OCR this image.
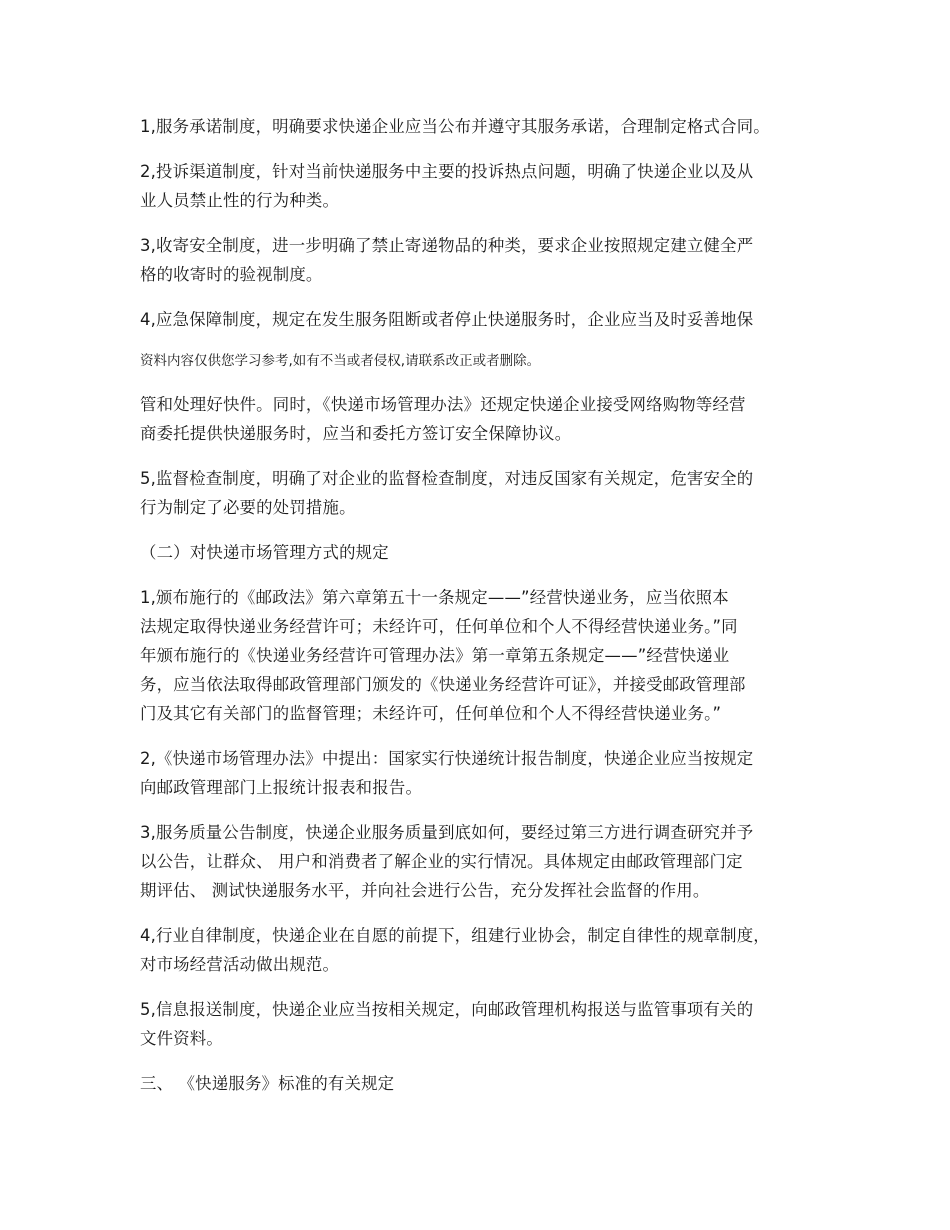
1,服务承诺制度，明确要求快递企业应当公布并遵守其服务承诺，合理制定格式合同。
2,投诉渠道制度，针对当前快递服务中主要的投诉热点问题，明确了快递企业以及从
业人员禁止性的行为种类。
3,收寄安全制度，进一步明确了禁止寄递物品的种类，要求企业按照规定建立健全严
格的收寄时的验视制度。
4,应急保障制度，规定在发生服务阻断或者停止快递服务时，企业应当及时妥善地保
资料内容仅供您学习参考,如有不当或者侵权,请联系改正或者删除。
管和处理好快件。同时，《快递市场管理办法》还规定快递企业接受网络购物等经营
商委托提供快递服务时，应当和委托方签订安全保障协议。
5,监督检查制度，明确了对企业的监督检查制度，对违反国家有关规定，危害安全的
行为制定了必要的处罚措施。
（二）对快递市场管理方式的规定
1,颁布施行的《邮政法》第六章第五十一条规定——”经营快递业务，应当依照本
法规定取得快递业务经营许可；未经许可，任何单位和个人不得经营快递业务。”同
年颁布施行的《快递业务经营许可管理办法》第一章第五条规定——”经营快递业
务，应当依法取得邮政管理部门颁发的《快递业务经营许可证》，并接受邮政管理部
门及其它有关部门的监督管理；未经许可，任何单位和个人不得经营快递业务。”
2,《快递市场管理办法》中提出：国家实行快递统计报告制度，快递企业应当按规定
向邮政管理部门上报统计报表和报告。
3,服务质量公告制度，快递企业服务质量到底如何，要经过第三方进行调查研究并予
以公告，让群众、 用户和消费者了解企业的实行情况。具体规定由邮政管理部门定
期评估、 测试快递服务水平，并向社会进行公告，充分发挥社会监督的作用。
4,行业自律制度，快递企业在自愿的前提下，组建行业协会，制定自律性的规章制度，
对市场经营活动做出规范。
5,信息报送制度，快递企业应当按相关规定，向邮政管理机构报送与监管事项有关的
文件资料。
三、 《快递服务》标准的有关规定
